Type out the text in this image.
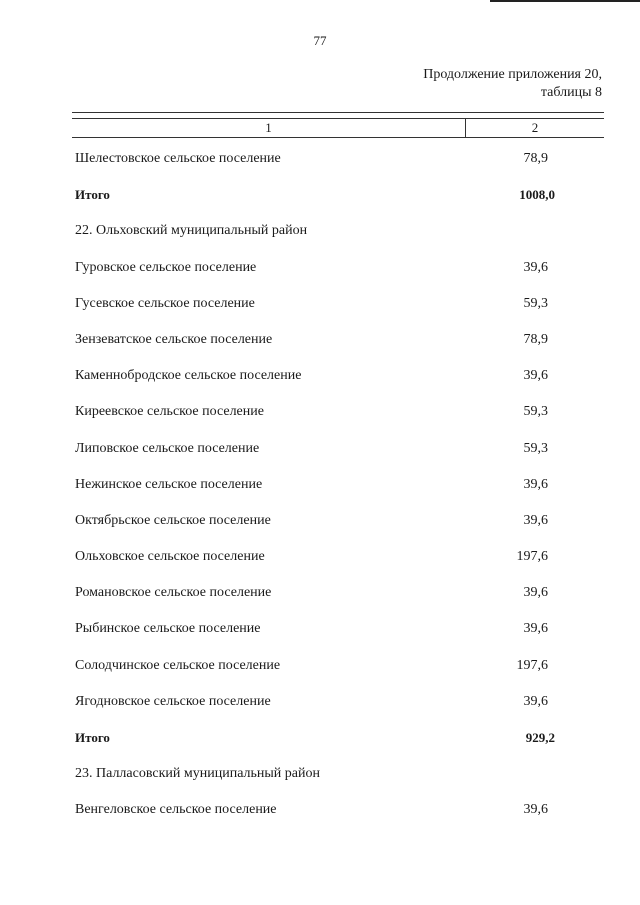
77
Продолжение приложения 20,
таблицы 8
1	2
Шелестовское сельское поселение	78,9
Итого	1008,0
22. Ольховский муниципальный район
Гуровское сельское поселение	39,6
Гусевское сельское поселение	59,3
Зензеватское сельское поселение	78,9
Каменнобродское сельское поселение	39,6
Киреевское сельское поселение	59,3
Липовское сельское поселение	59,3
Нежинское сельское поселение	39,6
Октябрьское сельское поселение	39,6
Ольховское сельское поселение	197,6
Романовское сельское поселение	39,6
Рыбинское сельское поселение	39,6
Солодчинское сельское поселение	197,6
Ягодновское сельское поселение	39,6
Итого	929,2
23. Палласовский муниципальный район
Венгеловское сельское поселение	39,6
